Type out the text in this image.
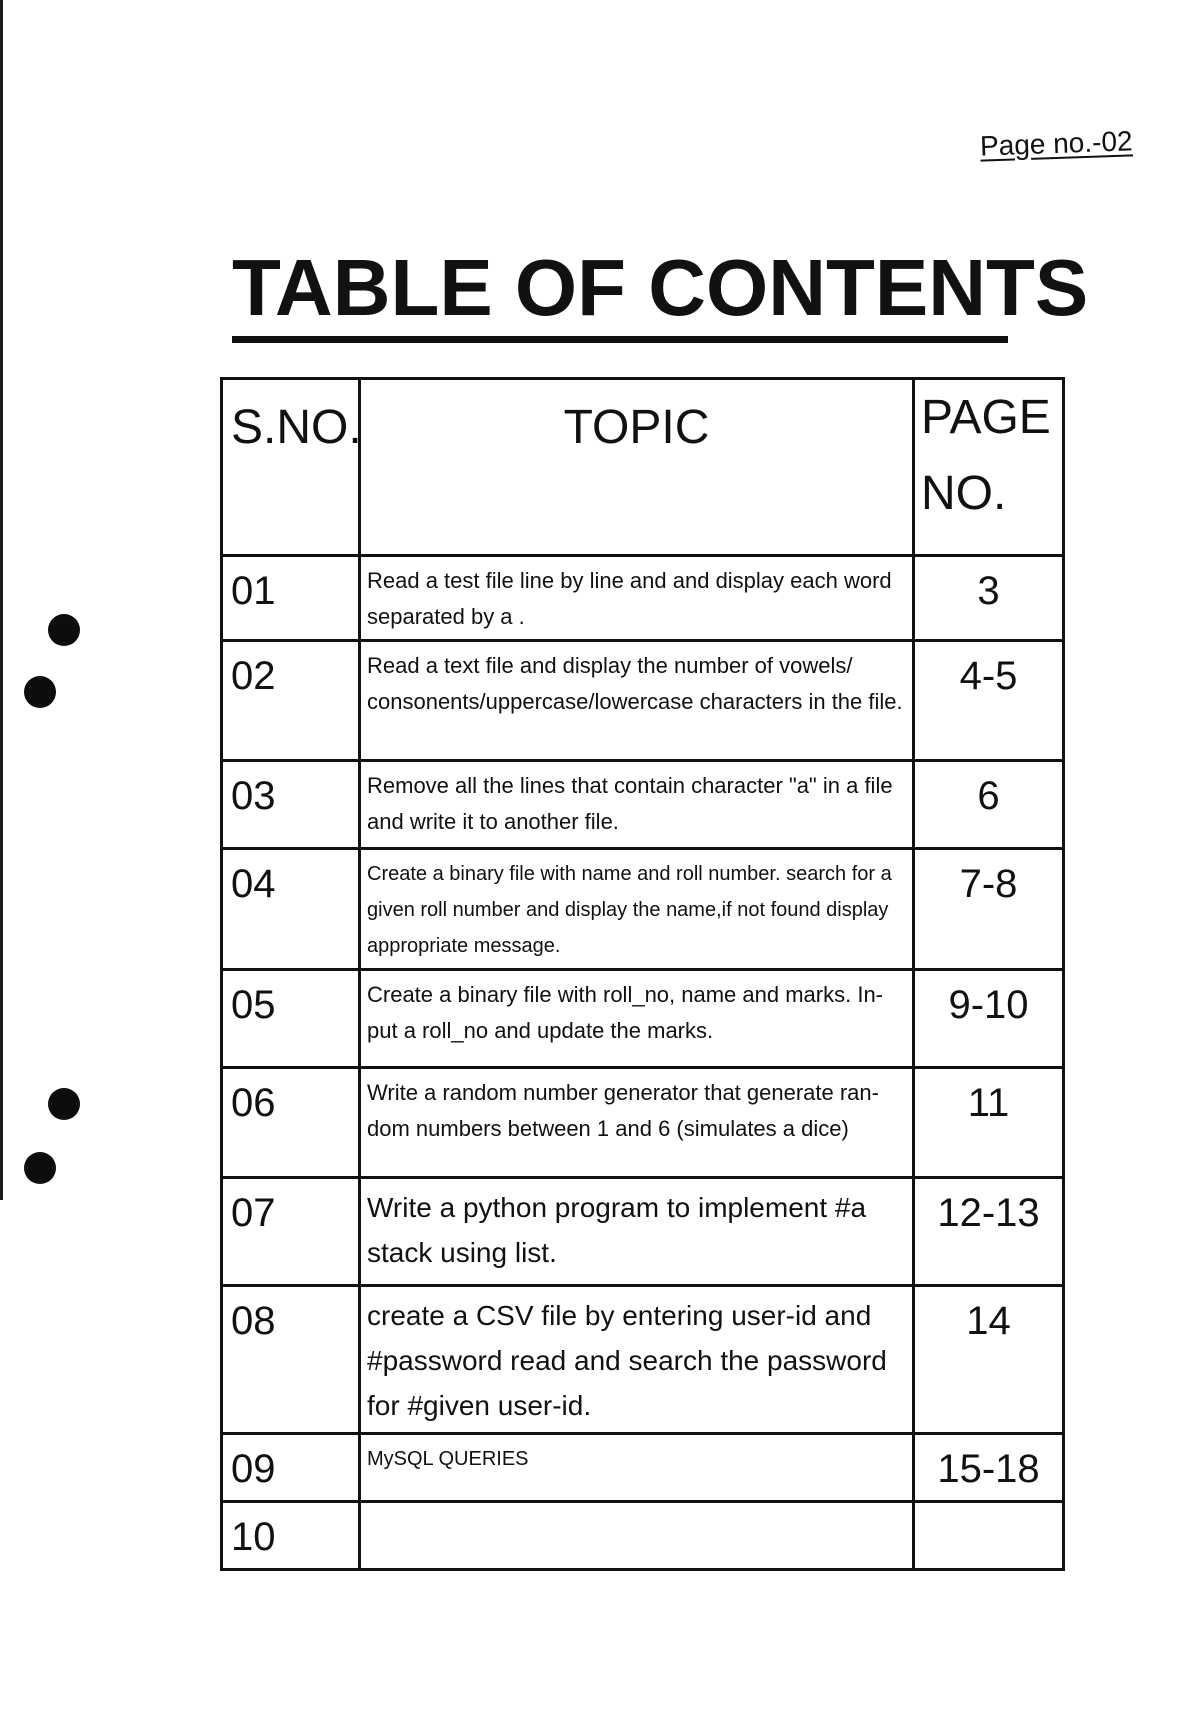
Page no.-02
TABLE OF CONTENTS
S.NO.	TOPIC	PAGE
NO.

01	Read a test file line by line and and display each word separated by a .	3
02	Read a text file and display the number of vowels/ consonents/uppercase/lowercase characters in the file.	4-5
03	Remove all the lines that contain character "a" in a file and write it to another file.	6
04	Create a binary file with name and roll number. search for a given roll number and display the name,if not found display appropriate message.	7-8
05	Create a binary file with roll_no, name and marks. In-put a roll_no and update the marks.	9-10
06	Write a random number generator that generate ran-dom numbers between 1 and 6 (simulates a dice)	11
07	Write a python program to implement #a stack using list.	12-13
08	create a CSV file by entering user-id and #password read and search the password for #given user-id.	14
09	MySQL QUERIES	15-18
10		
